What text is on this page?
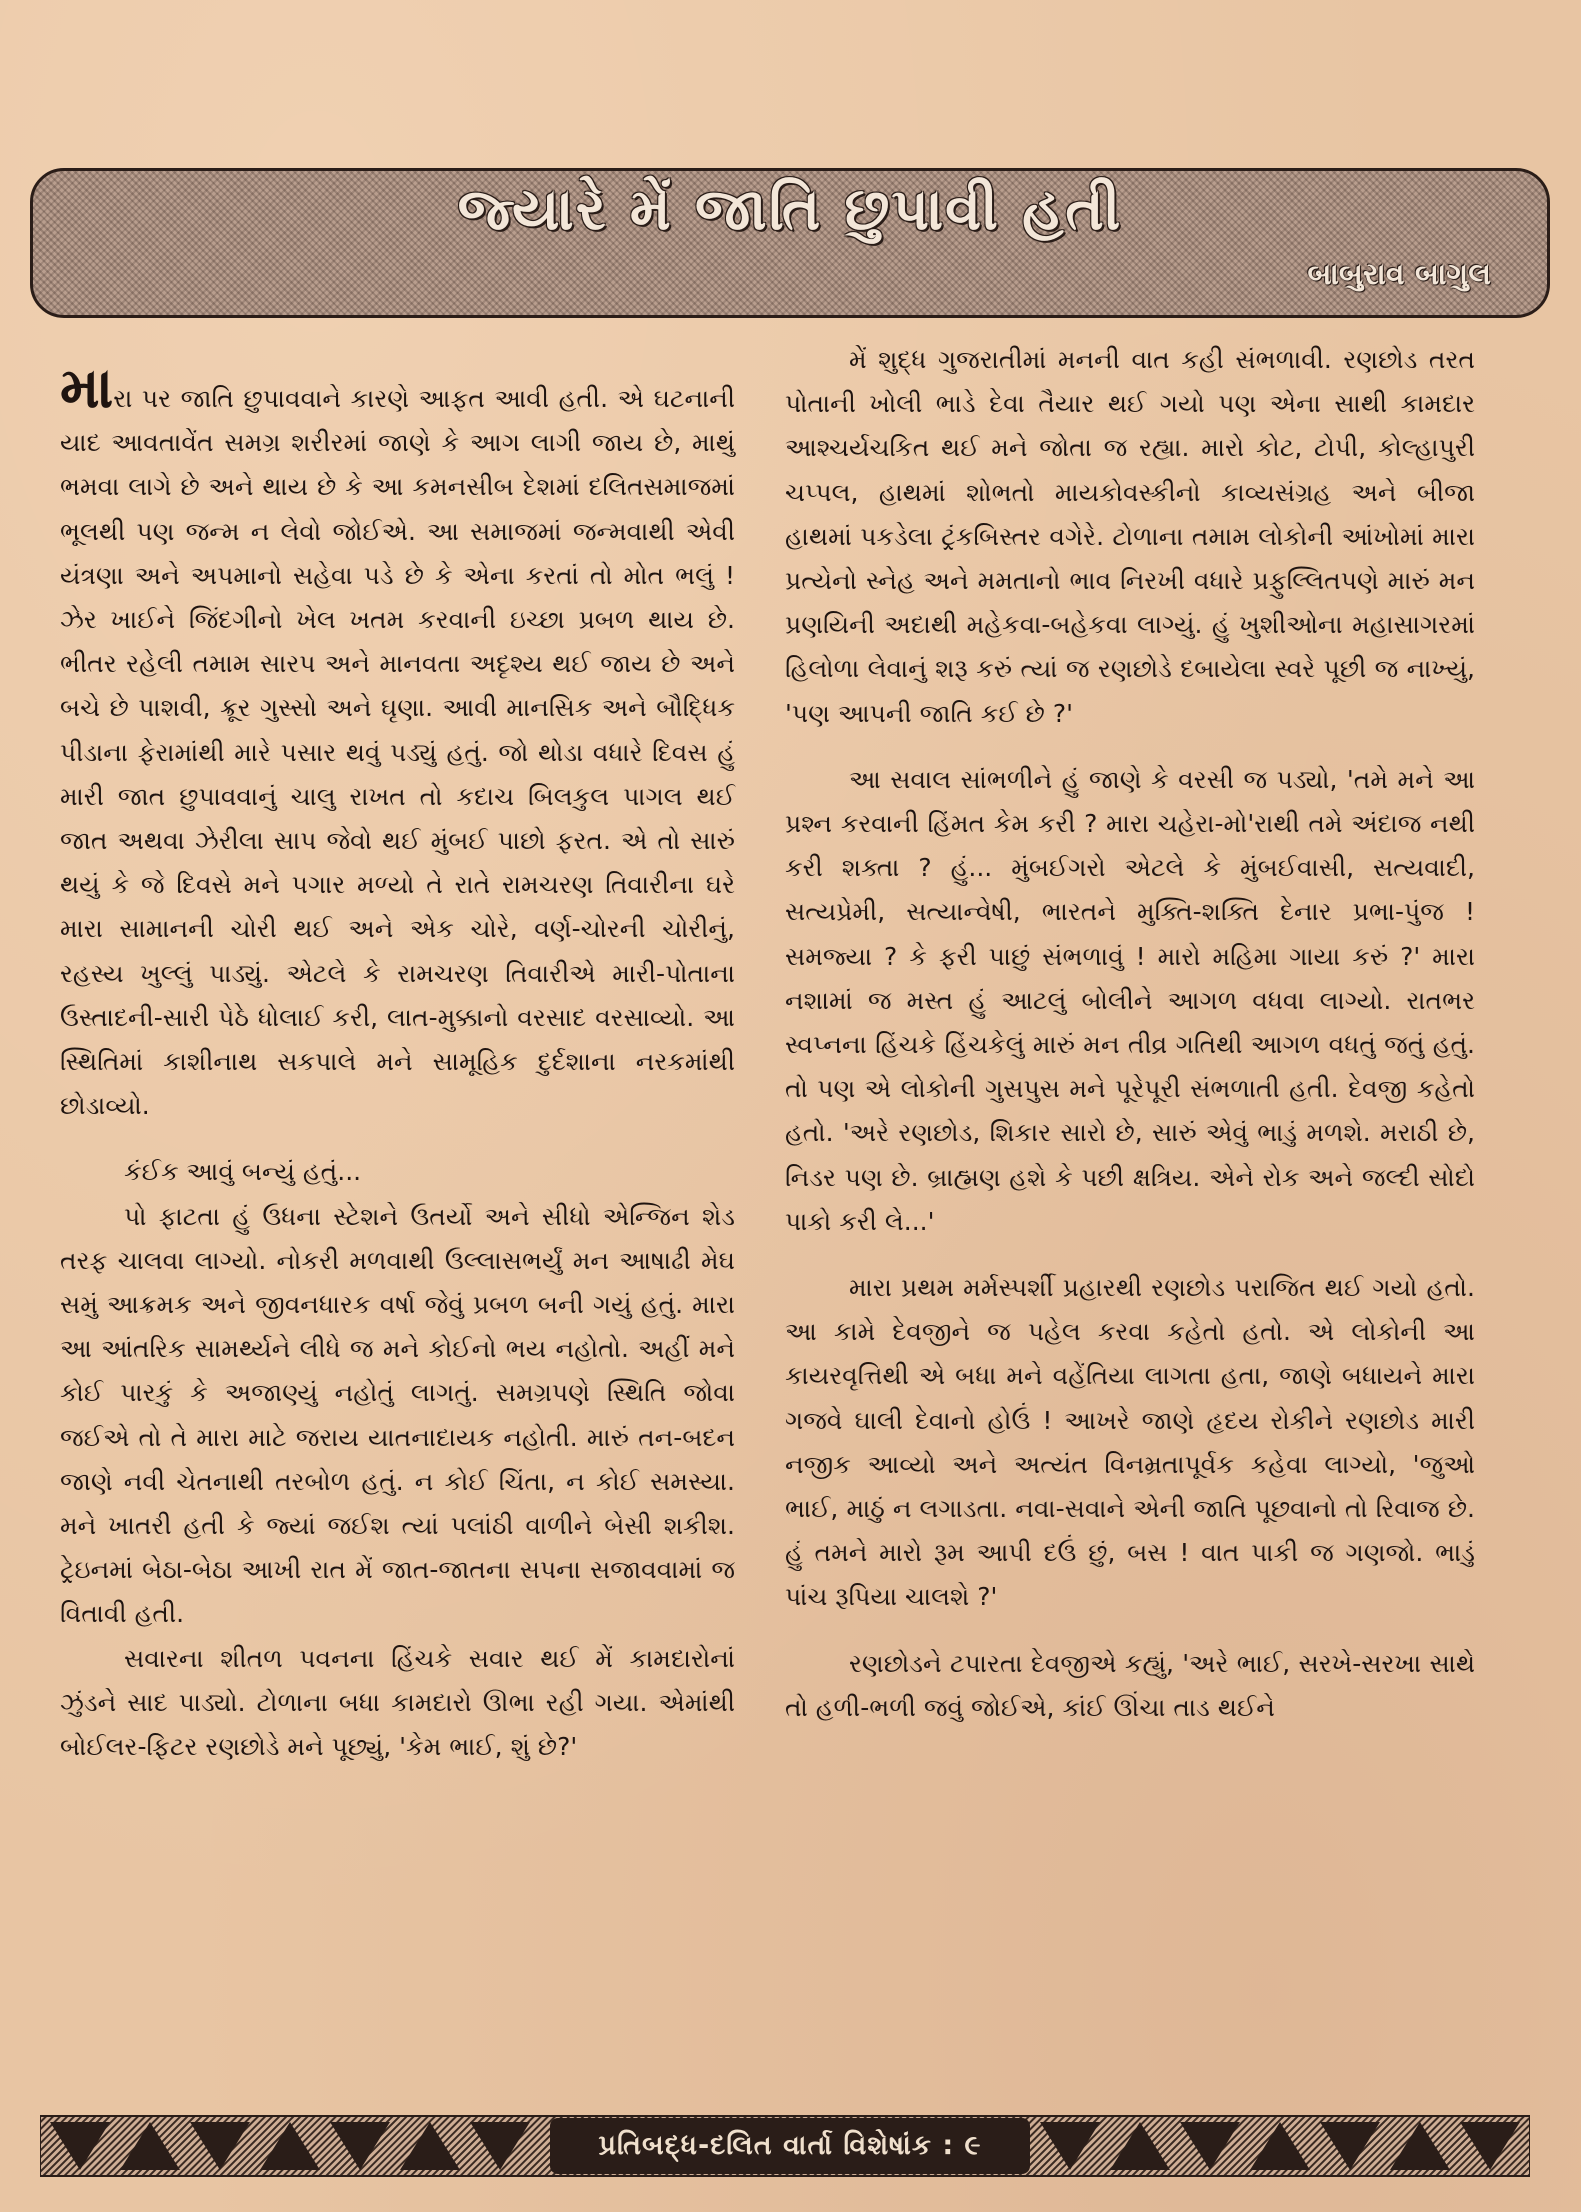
જ્યારે મેં જાતિ છુપાવી હતી
બાબુરાવ બાગુલ

મારા પર જાતિ છુપાવવાને કારણે આફત આવી હતી. એ ઘટનાની યાદ આવતાવેંત સમગ્ર શરીરમાં જાણે કે આગ લાગી જાય છે, માથું ભમવા લાગે છે અને થાય છે કે આ કમનસીબ દેશમાં દલિતસમાજમાં ભૂલથી પણ જન્મ ન લેવો જોઈએ. આ સમાજમાં જન્મવાથી એવી યંત્રણા અને અપમાનો સહેવા પડે છે કે એના કરતાં તો મોત ભલું ! ઝેર ખાઈને જિંદગીનો ખેલ ખતમ કરવાની ઇચ્છા પ્રબળ થાય છે. ભીતર રહેલી તમામ સારપ અને માનવતા અદૃશ્ય થઈ જાય છે અને બચે છે પાશવી, ક્રૂર ગુસ્સો અને ઘૃણા. આવી માનસિક અને બૌદ્ધિક પીડાના ફેરામાંથી મારે પસાર થવું પડ્યું હતું. જો થોડા વધારે દિવસ હું મારી જાત છુપાવવાનું ચાલુ રાખત તો કદાચ બિલકુલ પાગલ થઈ જાત અથવા ઝેરીલા સાપ જેવો થઈ મુંબઈ પાછો ફરત. એ તો સારું થયું કે જે દિવસે મને પગાર મળ્યો તે રાતે રામચરણ તિવારીના ઘરે મારા સામાનની ચોરી થઈ અને એક ચોરે, વર્ણ-ચોરની ચોરીનું, રહસ્ય ખુલ્લું પાડ્યું. એટલે કે રામચરણ તિવારીએ મારી-પોતાના ઉસ્તાદની-સારી પેઠે ધોલાઈ કરી, લાત-મુક્કાનો વરસાદ વરસાવ્યો. આ સ્થિતિમાં કાશીનાથ સકપાલે મને સામૂહિક દુર્દશાના નરકમાંથી છોડાવ્યો.

કંઈક આવું બન્યું હતું...

પો ફાટતા હું ઉધના સ્ટેશને ઉતર્યો અને સીધો એન્જિન શેડ તરફ ચાલવા લાગ્યો. નોકરી મળવાથી ઉલ્લાસભર્યું મન આષાઢી મેઘ સમું આક્રમક અને જીવનધારક વર્ષા જેવું પ્રબળ બની ગયું હતું. મારા આ આંતરિક સામર્થ્યને લીધે જ મને કોઈનો ભય નહોતો. અહીં મને કોઈ પારકું કે અજાણ્યું નહોતું લાગતું. સમગ્રપણે સ્થિતિ જોવા જઈએ તો તે મારા માટે જરાય યાતનાદાયક નહોતી. મારું તન-બદન જાણે નવી ચેતનાથી તરબોળ હતું. ન કોઈ ચિંતા, ન કોઈ સમસ્યા. મને ખાતરી હતી કે જ્યાં જઈશ ત્યાં પલાંઠી વાળીને બેસી શકીશ. ટ્રેઇનમાં બેઠા-બેઠા આખી રાત મેં જાત-જાતના સપના સજાવવામાં જ વિતાવી હતી.

સવારના શીતળ પવનના હિંચકે સવાર થઈ મેં કામદારોનાં ઝુંડને સાદ પાડ્યો. ટોળાના બધા કામદારો ઊભા રહી ગયા. એમાંથી બોઈલર-ફિટર રણછોડે મને પૂછ્યું, 'કેમ ભાઈ, શું છે?'

મેં શુદ્ધ ગુજરાતીમાં મનની વાત કહી સંભળાવી. રણછોડ તરત પોતાની ખોલી ભાડે દેવા તૈયાર થઈ ગયો પણ એના સાથી કામદાર આશ્ચર્યચકિત થઈ મને જોતા જ રહ્યા. મારો કોટ, ટોપી, કોલ્હાપુરી ચપ્પલ, હાથમાં શોભતો માયકોવસ્કીનો કાવ્યસંગ્રહ અને બીજા હાથમાં પકડેલા ટ્રંકબિસ્તર વગેરે. ટોળાના તમામ લોકોની આંખોમાં મારા પ્રત્યેનો સ્નેહ અને મમતાનો ભાવ નિરખી વધારે પ્રફુલ્લિતપણે મારું મન પ્રણયિની અદાથી મહેકવા-બહેકવા લાગ્યું. હું ખુશીઓના મહાસાગરમાં હિલોળા લેવાનું શરૂ કરું ત્યાં જ રણછોડે દબાયેલા સ્વરે પૂછી જ નાખ્યું, 'પણ આપની જાતિ કઈ છે ?'

આ સવાલ સાંભળીને હું જાણે કે વરસી જ પડ્યો, 'તમે મને આ પ્રશ્ન કરવાની હિંમત કેમ કરી ? મારા ચહેરા-મો'રાથી તમે અંદાજ નથી કરી શક્તા ? હું... મુંબઈગરો એટલે કે મુંબઈવાસી, સત્યવાદી, સત્યપ્રેમી, સત્યાન્વેષી, ભારતને મુક્તિ-શક્તિ દેનાર પ્રભા-પુંજ ! સમજ્યા ? કે ફરી પાછું સંભળાવું ! મારો મહિમા ગાયા કરું ?' મારા નશામાં જ મસ્ત હું આટલું બોલીને આગળ વધવા લાગ્યો. રાતભર સ્વપ્નના હિંચકે હિંચકેલું મારું મન તીવ્ર ગતિથી આગળ વધતું જતું હતું. તો પણ એ લોકોની ગુસપુસ મને પૂરેપૂરી સંભળાતી હતી. દેવજી કહેતો હતો. 'અરે રણછોડ, શિકાર સારો છે, સારું એવું ભાડું મળશે. મરાઠી છે, નિડર પણ છે. બ્રાહ્મણ હશે કે પછી ક્ષત્રિય. એને રોક અને જલ્દી સોદો પાકો કરી લે...'

મારા પ્રથમ મર્મસ્પર્શી પ્રહારથી રણછોડ પરાજિત થઈ ગયો હતો. આ કામે દેવજીને જ પહેલ કરવા કહેતો હતો. એ લોકોની આ કાયરવૃત્તિથી એ બધા મને વહેંતિયા લાગતા હતા, જાણે બધાયને મારા ગજવે ઘાલી દેવાનો હોઉં ! આખરે જાણે હૃદય રોકીને રણછોડ મારી નજીક આવ્યો અને અત્યંત વિનમ્રતાપૂર્વક કહેવા લાગ્યો, 'જુઓ ભાઈ, માઠું ન લગાડતા. નવા-સવાને એની જાતિ પૂછવાનો તો રિવાજ છે. હું તમને મારો રૂમ આપી દઉં છું, બસ ! વાત પાકી જ ગણજો. ભાડું પાંચ રૂપિયા ચાલશે ?'

રણછોડને ટપારતા દેવજીએ કહ્યું, 'અરે ભાઈ, સરખે-સરખા સાથે તો હળી-ભળી જવું જોઈએ, કાંઈ ઊંચા તાડ થઈને

પ્રતિબદ્ધ-દલિત વાર્તા વિશેષાંક : ૯
